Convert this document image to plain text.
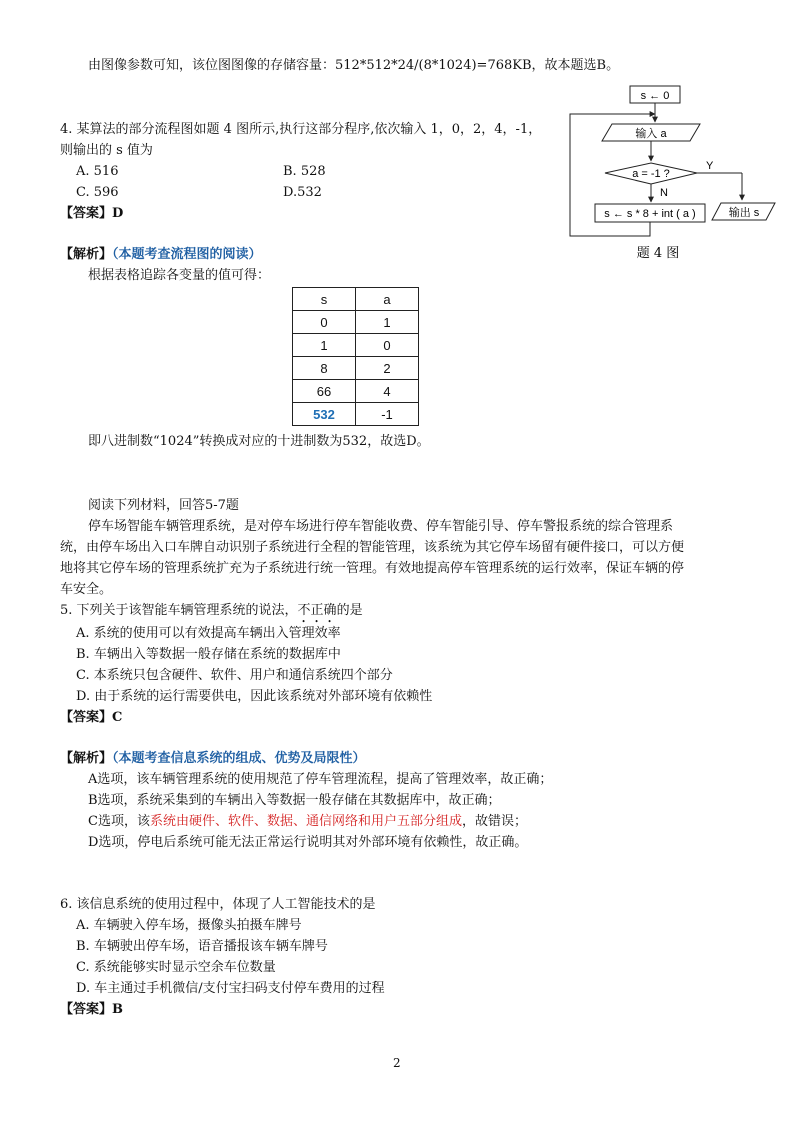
由图像参数可知，该位图图像的存储容量：512*512*24/(8*1024)=768KB，故本题选B。
4. 某算法的部分流程图如题 4 图所示,执行这部分程序,依次输入 1，0，2，4，-1，
则输出的 s 值为
A. 516	B. 528
C. 596	D.532
【答案】D
【解析】（本题考查流程图的阅读）
根据表格追踪各变量的值可得：
s	a
0	1
1	0
8	2
66	4
532	-1
即八进制数“1024”转换成对应的十进制数为532，故选D。
s ← 0
输入 a
a = -1 ?
Y
输出 s
N
s ← s * 8 + int ( a )
题 4 图
阅读下列材料，回答5-7题
停车场智能车辆管理系统，是对停车场进行停车智能收费、停车智能引导、停车警报系统的综合管理系
统，由停车场出入口车牌自动识别子系统进行全程的智能管理，该系统为其它停车场留有硬件接口，可以方便
地将其它停车场的管理系统扩充为子系统进行统一管理。有效地提高停车管理系统的运行效率，保证车辆的停
车安全。
5. 下列关于该智能车辆管理系统的说法，不正确的是
A. 系统的使用可以有效提高车辆出入管理效率
B. 车辆出入等数据一般存储在系统的数据库中
C. 本系统只包含硬件、软件、用户和通信系统四个部分
D. 由于系统的运行需要供电，因此该系统对外部环境有依赖性
【答案】C
【解析】（本题考查信息系统的组成、优势及局限性）
A选项，该车辆管理系统的使用规范了停车管理流程，提高了管理效率，故正确；
B选项，系统采集到的车辆出入等数据一般存储在其数据库中，故正确；
C选项，该系统由硬件、软件、数据、通信网络和用户五部分组成，故错误；
D选项，停电后系统可能无法正常运行说明其对外部环境有依赖性，故正确。
6. 该信息系统的使用过程中，体现了人工智能技术的是
A. 车辆驶入停车场，摄像头拍摄车牌号
B. 车辆驶出停车场，语音播报该车辆车牌号
C. 系统能够实时显示空余车位数量
D. 车主通过手机微信/支付宝扫码支付停车费用的过程
【答案】B
2
